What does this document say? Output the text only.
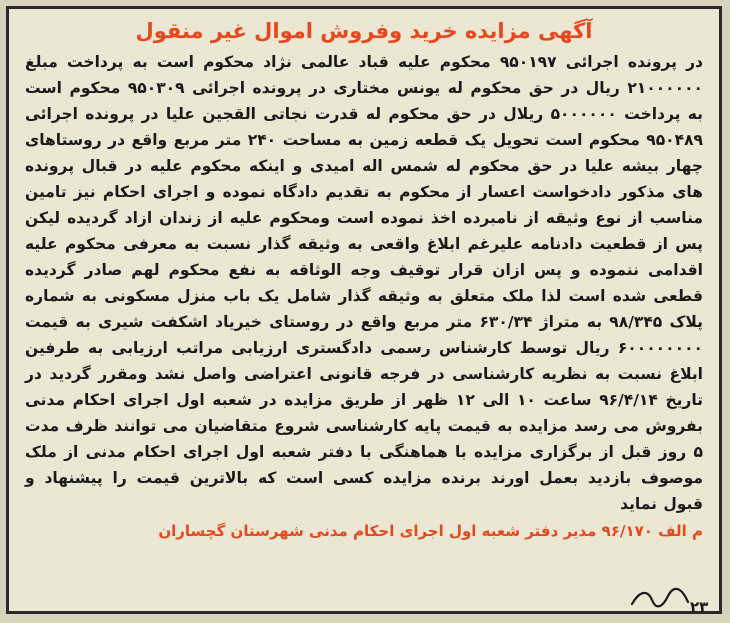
آگهی مزایده خرید وفروش اموال غیر منقول

در پرونده اجرائی ۹۵۰۱۹۷ محکوم علیه قباد عالمی نژاد محکوم است به پرداخت مبلغ ۲۱۰۰۰۰۰۰ ریال در حق محکوم له یونس مختاری در پرونده اجرائی ۹۵۰۳۰۹ محکوم است به پرداخت ۵۰۰۰۰۰۰ ریلال در حق محکوم له قدرت نجاتی القجین علیا در پرونده اجرائی ۹۵۰۴۸۹ محکوم است تحویل یک قطعه زمین به مساحت ۲۴۰ متر مربع واقع در روستاهای چهار بیشه علیا در حق محکوم له شمس اله امیدی و اینکه محکوم علیه در قبال پرونده های مذکور دادخواست اعسار از محکوم به تقدیم دادگاه نموده و اجرای احکام نیز تامین مناسب از نوع وثیقه از نامبرده اخذ نموده است ومحکوم علیه از زندان ازاد گردیده لیکن پس از قطعیت دادنامه علیرغم ابلاغ واقعی به وثیقه گذار نسبت به معرفی محکوم علیه اقدامی ننموده و پس ازان قرار توقیف وجه الوثاقه به نفع محکوم لهم صادر گردیده قطعی شده است لذا ملک متعلق به وثیقه گذار شامل یک باب منزل مسکونی به شماره پلاک ۹۸/۳۴۵ به متراژ ۶۳۰/۳۴ متر مربع واقع در روستای خیریاد اشکفت شیری به قیمت ۶۰۰۰۰۰۰۰۰ ریال توسط کارشناس رسمی دادگستری ارزیابی مراتب ارزیابی به طرفین ابلاغ نسبت به نظریه کارشناسی در فرجه قانونی اعتراضی واصل نشد ومقرر گردید در تاریخ ۹۶/۴/۱۴ ساعت ۱۰ الی ۱۲ ظهر از طریق مزایده در شعبه اول اجرای احکام مدنی بفروش می رسد مزایده به قیمت پایه کارشناسی شروع متقاضیان می توانند ظرف مدت ۵ روز قبل از برگزاری مزایده با هماهنگی با دفتر شعبه اول اجرای احکام مدنی از ملک موصوف بازدید بعمل اورند برنده مزایده کسی است که بالاترین قیمت را پیشنهاد و قبول نماید

م الف ۹۶/۱۷۰ مدیر دفتر شعبه اول اجرای احکام مدنی شهرستان گچساران
۲۳
